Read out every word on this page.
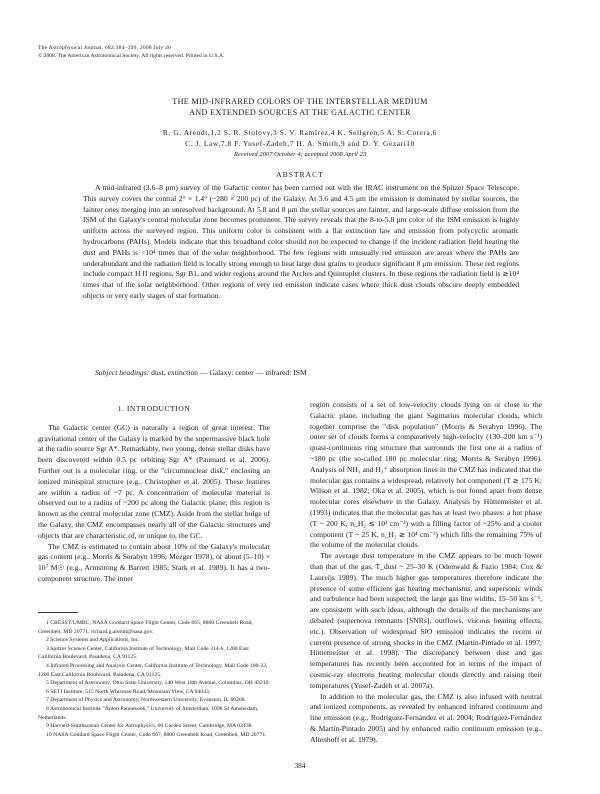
The Astrophysical Journal, 682:384–399, 2008 July 20
© 2008. The American Astronomical Society. All rights reserved. Printed in U.S.A.
THE MID-INFRARED COLORS OF THE INTERSTELLAR MEDIUM
AND EXTENDED SOURCES AT THE GALACTIC CENTER
R. G. Arendt,1,2 S. R. Stolovy,3 S. V. Ramírez,4 K. Sellgren,5 A. S. Cotera,6
C. J. Law,7,8 F. Yusef-Zadeh,7 H. A. Smith,9 and D. Y. Gezari10
Received 2007 October 4; accepted 2008 April 23
ABSTRACT

A mid-infrared (3.6–8 μm) survey of the Galactic center has been carried out with the IRAC instrument on the Spitzer Space Telescope. This survey covers the central 2° × 1.4° (~280 × 200 pc) of the Galaxy. At 3.6 and 4.5 μm the emission is dominated by stellar sources, the fainter ones merging into an unresolved background. At 5.8 and 8 μm the stellar sources are fainter, and large-scale diffuse emission from the ISM of the Galaxy's central molecular zone becomes prominent. The survey reveals that the 8-to-5.8 μm color of the ISM emission is highly uniform across the surveyed region. This uniform color is consistent with a flat extinction law and emission from polycyclic aromatic hydrocarbons (PAHs). Models indicate that this broadband color should not be expected to change if the incident radiation field heating the dust and PAHs is <10⁴ times that of the solar neighborhood. The few regions with unusually red emission are areas where the PAHs are underabundant and the radiation field is locally strong enough to heat large dust grains to produce significant 8 μm emission. These red regions include compact H II regions, Sgr B1, and wider regions around the Arches and Quintuplet clusters. In these regions the radiation field is ≳10⁴ times that of the solar neighborhood. Other regions of very red emission indicate cases where thick dust clouds obscure deeply embedded objects or very early stages of star formation.

Subject headings: dust, extinction — Galaxy: center — infrared: ISM

1. INTRODUCTION

The Galactic center (GC) is naturally a region of great interest. The gravitational center of the Galaxy is marked by the supermassive black hole at the radio source Sgr A*. Remarkably, two young, dense stellar disks have been discovered within 0.5 pc orbiting Sgr A* (Paumard et al. 2006). Further out is a molecular ring, or the "circumnuclear disk," enclosing an ionized minispiral structure (e.g., Christopher et al. 2005). These features are within a radius of ~7 pc. A concentration of molecular material is observed out to a radius of ~200 pc along the Galactic plane; this region is known as the central molecular zone (CMZ). Aside from the stellar bulge of the Galaxy, the CMZ encompasses nearly all of the Galactic structures and objects that are characteristic of, or unique to, the GC.

The CMZ is estimated to contain about 10% of the Galaxy's molecular gas content (e.g., Morris & Serabyn 1996; Mezger 1978), or about (5–10) × 10⁷ M☉ (e.g., Armstrong & Barrett 1985; Stark et al. 1989). It has a two-component structure. The inner

region consists of a set of low-velocity clouds lying on or close to the Galactic plane, including the giant Sagittarius molecular clouds, which together comprise the "disk population" (Morris & Serabyn 1996). The outer set of clouds forms a comparatively high-velocity (130–200 km s⁻¹) quasi-continuous ring structure that surrounds the first one at a radius of ~180 pc (the so-called 180 pc molecular ring; Morris & Serabyn 1996). Analysis of NH₃ and H₃⁺ absorption lines in the CMZ has indicated that the molecular gas contains a widespread, relatively hot component (T ≳ 175 K; Wilson et al. 1982; Oka et al. 2005), which is not found apart from dense molecular cores elsewhere in the Galaxy. Analysis by Hüttemeister et al. (1993) indicates that the molecular gas has at least two phases: a hot phase (T ~ 200 K, n_H₂ ≲ 10³ cm⁻³) with a filling factor of ~25% and a cooler component (T ~ 25 K, n_H₂ ≳ 10⁴ cm⁻³) which fills the remaining 75% of the volume of the molecular clouds.

The average dust temperature in the CMZ appears to be much lower than that of the gas, T_dust ~ 25–30 K (Odenwald & Fazio 1984; Cox & Laureijs 1989). The much higher gas temperatures therefore indicate the presence of some efficient gas heating mechanisms, and supersonic winds and turbulence had been suspected; the large gas line widths, 15–50 km s⁻¹, are consistent with such ideas, although the details of the mechanisms are debated (supernova remnants [SNRs], outflows, viscous heating effects, etc.). Observation of widespread SiO emission indicates the recent or current presence of strong shocks in the CMZ (Martín-Pintado et al. 1997; Hüttemeister et al. 1998). The discrepancy between dust and gas temperatures has recently been accounted for in terms of the impact of cosmic-ray electrons heating molecular clouds directly and raising their temperatures (Yusef-Zadeh et al. 2007a).

In addition to the molecular gas, the CMZ is also infused with neutral and ionized components, as revealed by enhanced infrared continuum and line emission (e.g., Rodríguez-Fernández et al. 2004; Rodríguez-Fernández & Martín-Pintado 2005) and by enhanced radio continuum emission (e.g., Altenhoff et al. 1979).

1 CRESST/UMBC, NASA Goddard Space Flight Center, Code 665, 8800 Greenbelt Road, Greenbelt, MD 20771; richard.g.arendt@nasa.gov.

2 Science Systems and Applications, Inc.

3 Spitzer Science Center, California Institute of Technology, Mail Code 314-6, 1200 East California Boulevard, Pasadena, CA 91125.

4 Infrared Processing and Analysis Center, California Institute of Technology, Mail Code 100-22, 1200 East California Boulevard, Pasadena, CA 91125.

5 Department of Astronomy, Ohio State University, 140 West 18th Avenue, Columbus, OH 43210.

6 SETI Institute, 515 North Whisman Road, Mountain View, CA 94043.

7 Department of Physics and Astronomy, Northwestern University, Evanston, IL 60208.

8 Astronomical Institute "Anton Pannekoek," University of Amsterdam, 1098 SJ Amsterdam, Netherlands.

9 Harvard-Smithsonian Center for Astrophysics, 60 Garden Street, Cambridge, MA 02138.

10 NASA Goddard Space Flight Center, Code 667, 8800 Greenbelt Road, Greenbelt, MD 20771.

384
